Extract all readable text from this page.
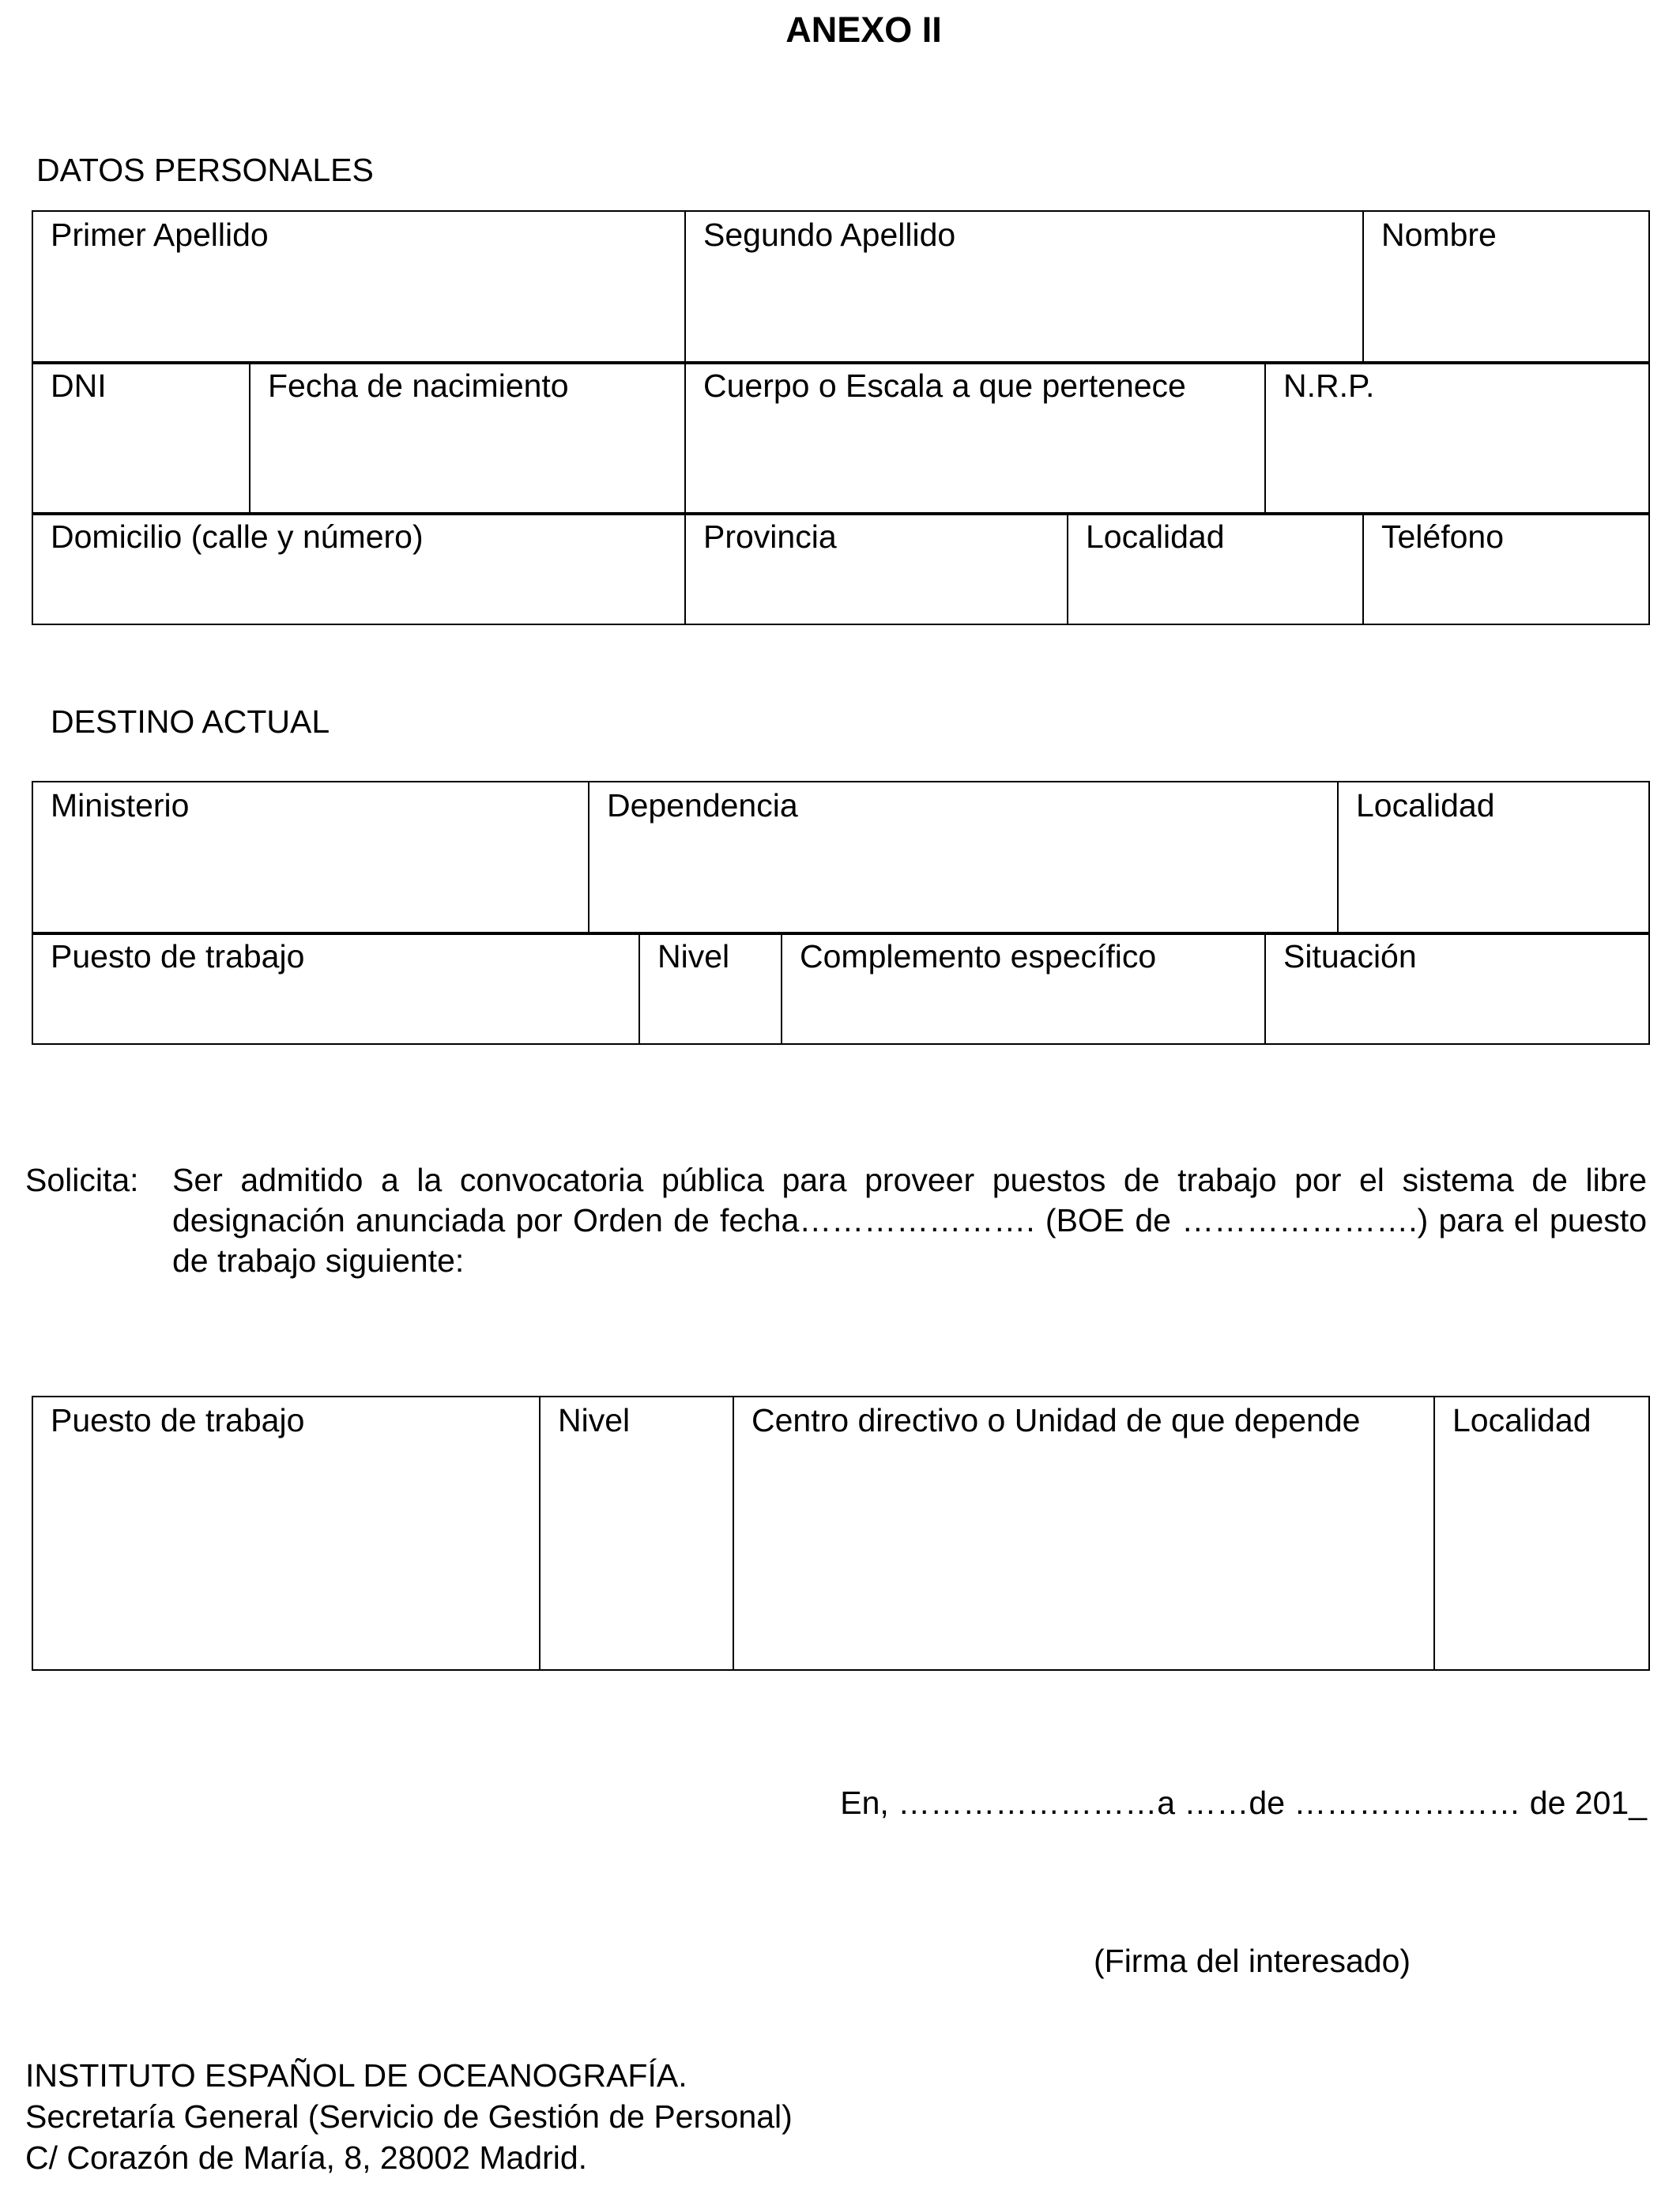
ANEXO II
DATOS PERSONALES
Primer Apellido	Segundo Apellido	Nombre
DNI	Fecha de nacimiento	Cuerpo o Escala a que pertenece	N.R.P.
Domicilio (calle y número)	Provincia	Localidad	Teléfono
DESTINO ACTUAL
Ministerio	Dependencia	Localidad
Puesto de trabajo	Nivel	Complemento específico	Situación
Solicita: Ser admitido a la convocatoria pública para proveer puestos de trabajo por el sistema de libre designación anunciada por Orden de fecha…………………. (BOE de ………………….) para el puesto de trabajo siguiente:
Puesto de trabajo	Nivel	Centro directivo o Unidad de que depende	Localidad
En, ……………………a ……de ………………… de 201_
(Firma del interesado)
INSTITUTO ESPAÑOL DE OCEANOGRAFÍA.
Secretaría General (Servicio de Gestión de Personal)
C/ Corazón de María, 8, 28002 Madrid.
